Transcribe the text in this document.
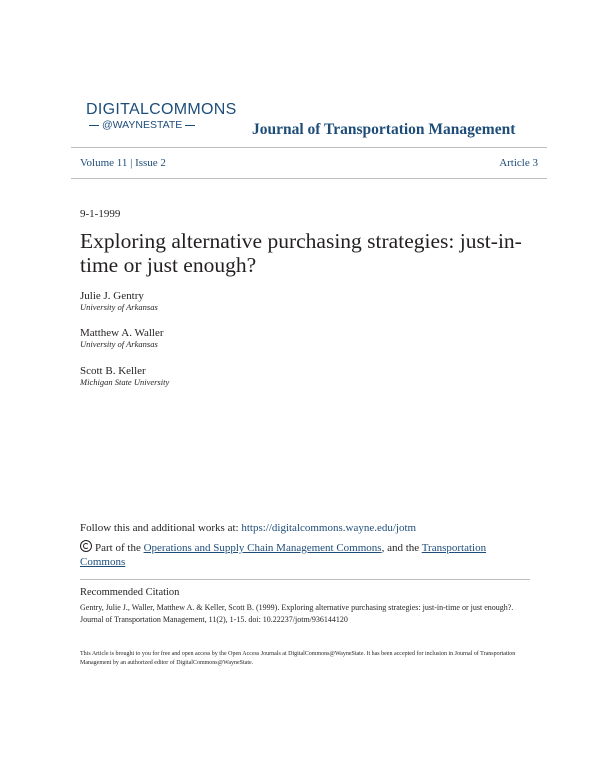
DIGITALCOMMONS
@WAYNESTATE	Journal of Transportation Management
Volume 11 | Issue 2	Article 3
9-1-1999
Exploring alternative purchasing strategies: just-in-time or just enough?
Julie J. Gentry
University of Arkansas
Matthew A. Waller
University of Arkansas
Scott B. Keller
Michigan State University
Follow this and additional works at: https://digitalcommons.wayne.edu/jotm
Part of the Operations and Supply Chain Management Commons, and the Transportation Commons
Recommended Citation
Gentry, Julie J., Waller, Matthew A. & Keller, Scott B. (1999). Exploring alternative purchasing strategies: just-in-time or just enough?. Journal of Transportation Management, 11(2), 1-15. doi: 10.22237/jotm/936144120
This Article is brought to you for free and open access by the Open Access Journals at DigitalCommons@WayneState. It has been accepted for inclusion in Journal of Transportation Management by an authorized editor of DigitalCommons@WayneState.
